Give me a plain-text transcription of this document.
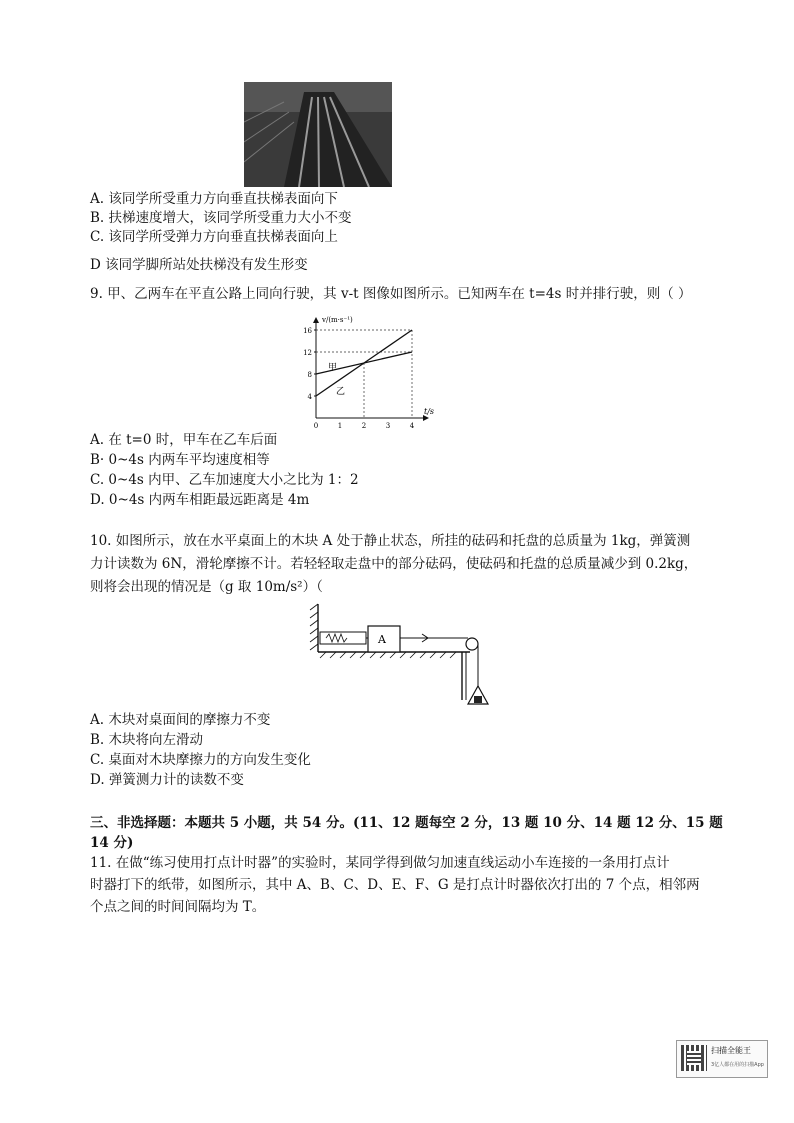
A. 该同学所受重力方向垂直扶梯表面向下
B. 扶梯速度增大，该同学所受重力大小不变
C. 该同学所受弹力方向垂直扶梯表面向上
D 该同学脚所站处扶梯没有发生形变
9. 甲、乙两车在平直公路上同向行驶，其 v-t 图像如图所示。已知两车在 t=4s 时并排行驶，则（ ）
v/(m·s⁻¹)
t/s
16
12
8
4
0	1	2	3	4
甲
乙
A. 在 t=0 时，甲车在乙车后面
B· 0~4s 内两车平均速度相等
C. 0~4s 内甲、乙车加速度大小之比为 1：2
D. 0~4s 内两车相距最远距离是 4m
10. 如图所示，放在水平桌面上的木块 A 处于静止状态，所挂的砝码和托盘的总质量为 1kg，弹簧测
力计读数为 6N，滑轮摩擦不计。若轻轻取走盘中的部分砝码，使砝码和托盘的总质量减少到 0.2kg，
则将会出现的情况是（g 取 10m/s²）（
A
A. 木块对桌面间的摩擦力不变
B. 木块将向左滑动
C. 桌面对木块摩擦力的方向发生变化
D. 弹簧测力计的读数不变
三、非选择题：本题共 5 小题，共 54 分。(11、12 题每空 2 分，13 题 10 分、14 题 12 分、15 题
14 分)
11. 在做“练习使用打点计时器”的实验时，某同学得到做匀加速直线运动小车连接的一条用打点计
时器打下的纸带，如图所示，其中 A、B、C、D、E、F、G 是打点计时器依次打出的 7 个点，相邻两
个点之间的时间间隔均为 T。
扫描全能王
3亿人都在用的扫描App
